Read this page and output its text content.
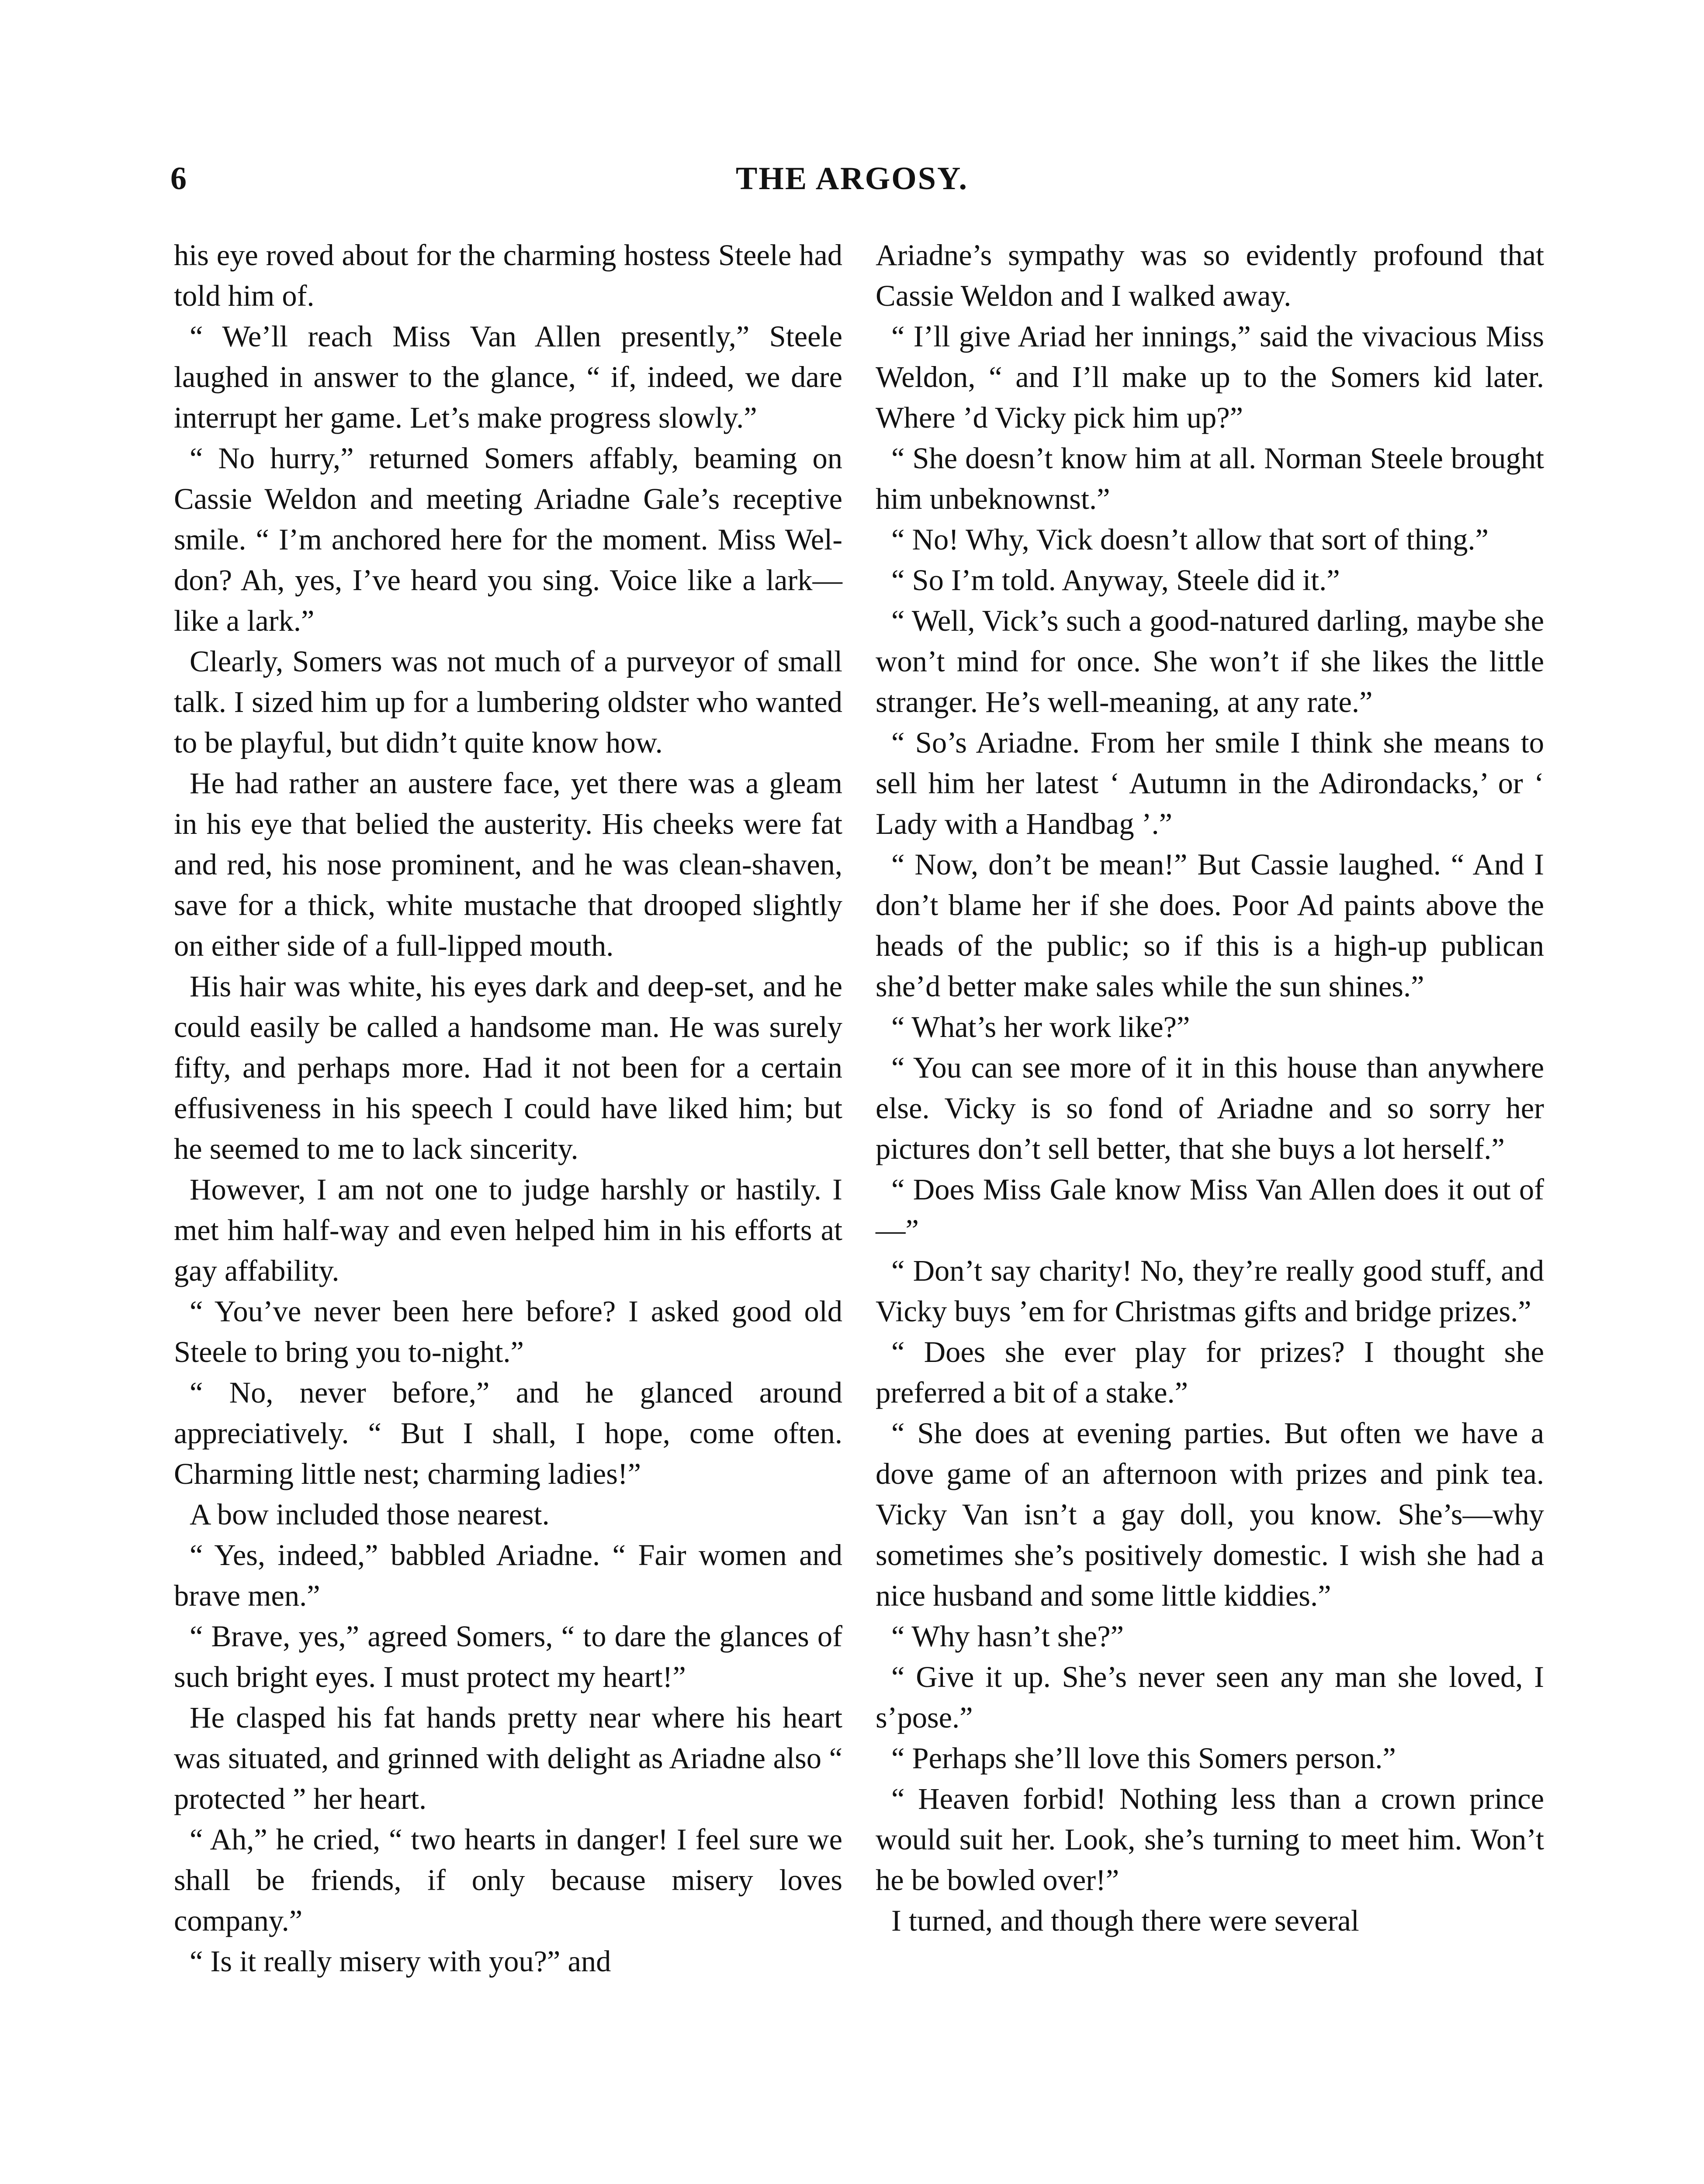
6	THE ARGOSY.

his eye roved about for the charming hostess Steele had told him of.

“ We’ll reach Miss Van Allen presently,” Steele laughed in answer to the glance, “ if, indeed, we dare interrupt her game. Let’s make progress slowly.”

“ No hurry,” returned Somers affably, beaming on Cassie Weldon and meeting Ariadne Gale’s receptive smile. “ I’m anchored here for the moment. Miss Weldon? Ah, yes, I’ve heard you sing. Voice like a lark—like a lark.”

Clearly, Somers was not much of a purveyor of small talk. I sized him up for a lumbering oldster who wanted to be playful, but didn’t quite know how.

He had rather an austere face, yet there was a gleam in his eye that belied the austerity. His cheeks were fat and red, his nose prominent, and he was clean-shaven, save for a thick, white mustache that drooped slightly on either side of a full-lipped mouth.

His hair was white, his eyes dark and deep-set, and he could easily be called a handsome man. He was surely fifty, and perhaps more. Had it not been for a certain effusiveness in his speech I could have liked him; but he seemed to me to lack sincerity.

However, I am not one to judge harshly or hastily. I met him half-way and even helped him in his efforts at gay affability.

“ You’ve never been here before? I asked good old Steele to bring you to-night.”

“ No, never before,” and he glanced around appreciatively. “ But I shall, I hope, come often. Charming little nest; charming ladies!”

A bow included those nearest.

“ Yes, indeed,” babbled Ariadne. “ Fair women and brave men.”

“ Brave, yes,” agreed Somers, “ to dare the glances of such bright eyes. I must protect my heart!”

He clasped his fat hands pretty near where his heart was situated, and grinned with delight as Ariadne also “ protected ” her heart.

“ Ah,” he cried, “ two hearts in danger! I feel sure we shall be friends, if only because misery loves company.”

“ Is it really misery with you?” and

Ariadne’s sympathy was so evidently profound that Cassie Weldon and I walked away.

“ I’ll give Ariad her innings,” said the vivacious Miss Weldon, “ and I’ll make up to the Somers kid later. Where ’d Vicky pick him up?”

“ She doesn’t know him at all. Norman Steele brought him unbeknownst.”

“ No! Why, Vick doesn’t allow that sort of thing.”

“ So I’m told. Anyway, Steele did it.”

“ Well, Vick’s such a good-natured darling, maybe she won’t mind for once. She won’t if she likes the little stranger. He’s well-meaning, at any rate.”

“ So’s Ariadne. From her smile I think she means to sell him her latest ‘ Autumn in the Adirondacks,’ or ‘ Lady with a Handbag ’.”

“ Now, don’t be mean!” But Cassie laughed. “ And I don’t blame her if she does. Poor Ad paints above the heads of the public; so if this is a high-up publican she’d better make sales while the sun shines.”

“ What’s her work like?”

“ You can see more of it in this house than anywhere else. Vicky is so fond of Ariadne and so sorry her pictures don’t sell better, that she buys a lot herself.”

“ Does Miss Gale know Miss Van Allen does it out of—”

“ Don’t say charity! No, they’re really good stuff, and Vicky buys ’em for Christmas gifts and bridge prizes.”

“ Does she ever play for prizes? I thought she preferred a bit of a stake.”

“ She does at evening parties. But often we have a dove game of an afternoon with prizes and pink tea. Vicky Van isn’t a gay doll, you know. She’s—why sometimes she’s positively domestic. I wish she had a nice husband and some little kiddies.”

“ Why hasn’t she?”

“ Give it up. She’s never seen any man she loved, I s’pose.”

“ Perhaps she’ll love this Somers person.”

“ Heaven forbid! Nothing less than a crown prince would suit her. Look, she’s turning to meet him. Won’t he be bowled over!”

I turned, and though there were several
